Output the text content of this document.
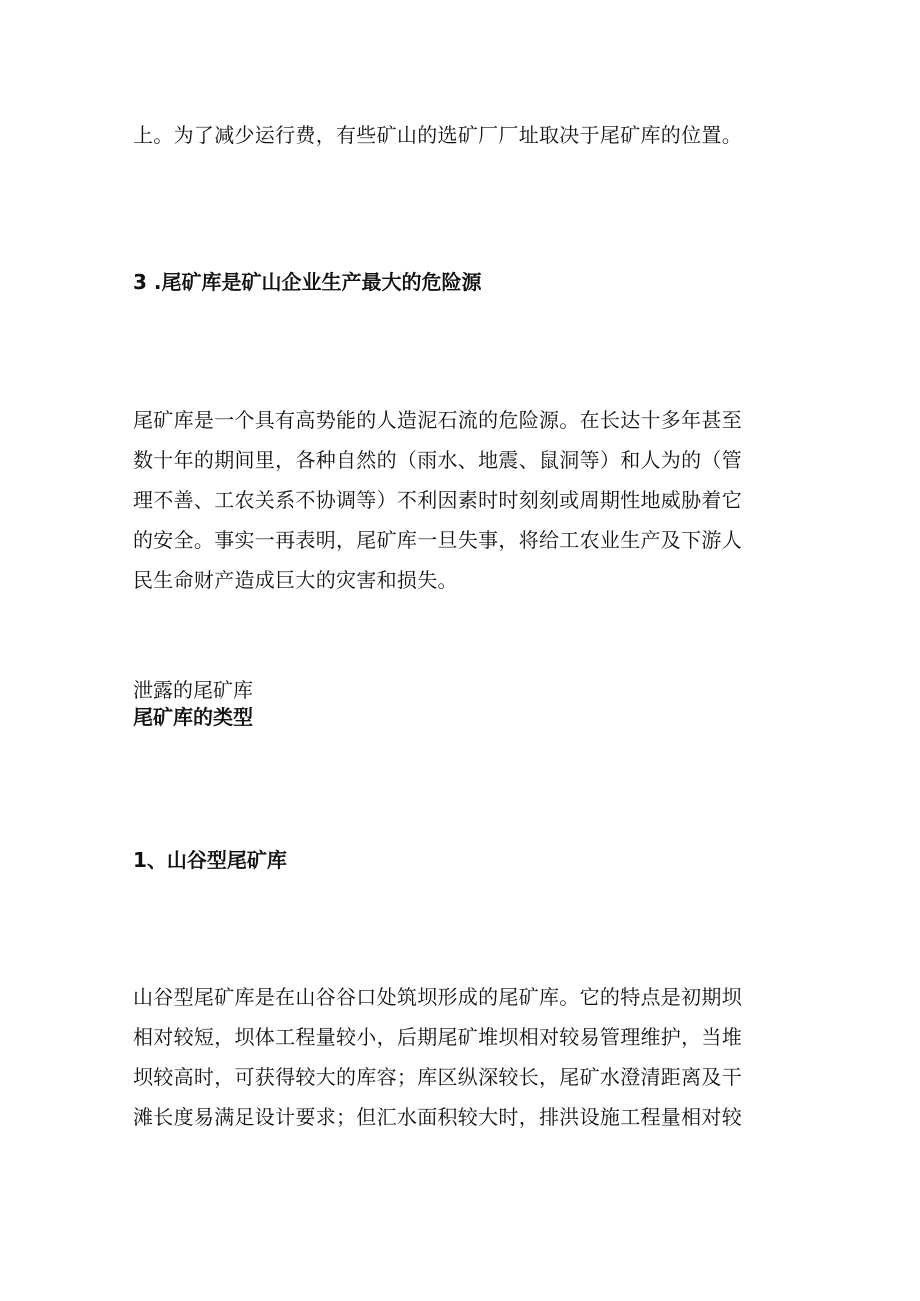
上。为了减少运行费，有些矿山的选矿厂厂址取决于尾矿库的位置。

3 .尾矿库是矿山企业生产最大的危险源

尾矿库是一个具有高势能的人造泥石流的危险源。在长达十多年甚至
数十年的期间里，各种自然的（雨水、地震、鼠洞等）和人为的（管
理不善、工农关系不协调等）不利因素时时刻刻或周期性地威胁着它
的安全。事实一再表明，尾矿库一旦失事，将给工农业生产及下游人
民生命财产造成巨大的灾害和损失。

泄露的尾矿库
尾矿库的类型
1、山谷型尾矿库

山谷型尾矿库是在山谷谷口处筑坝形成的尾矿库。它的特点是初期坝
相对较短，坝体工程量较小，后期尾矿堆坝相对较易管理维护，当堆
坝较高时，可获得较大的库容；库区纵深较长，尾矿水澄清距离及干
滩长度易满足设计要求；但汇水面积较大时，排洪设施工程量相对较
